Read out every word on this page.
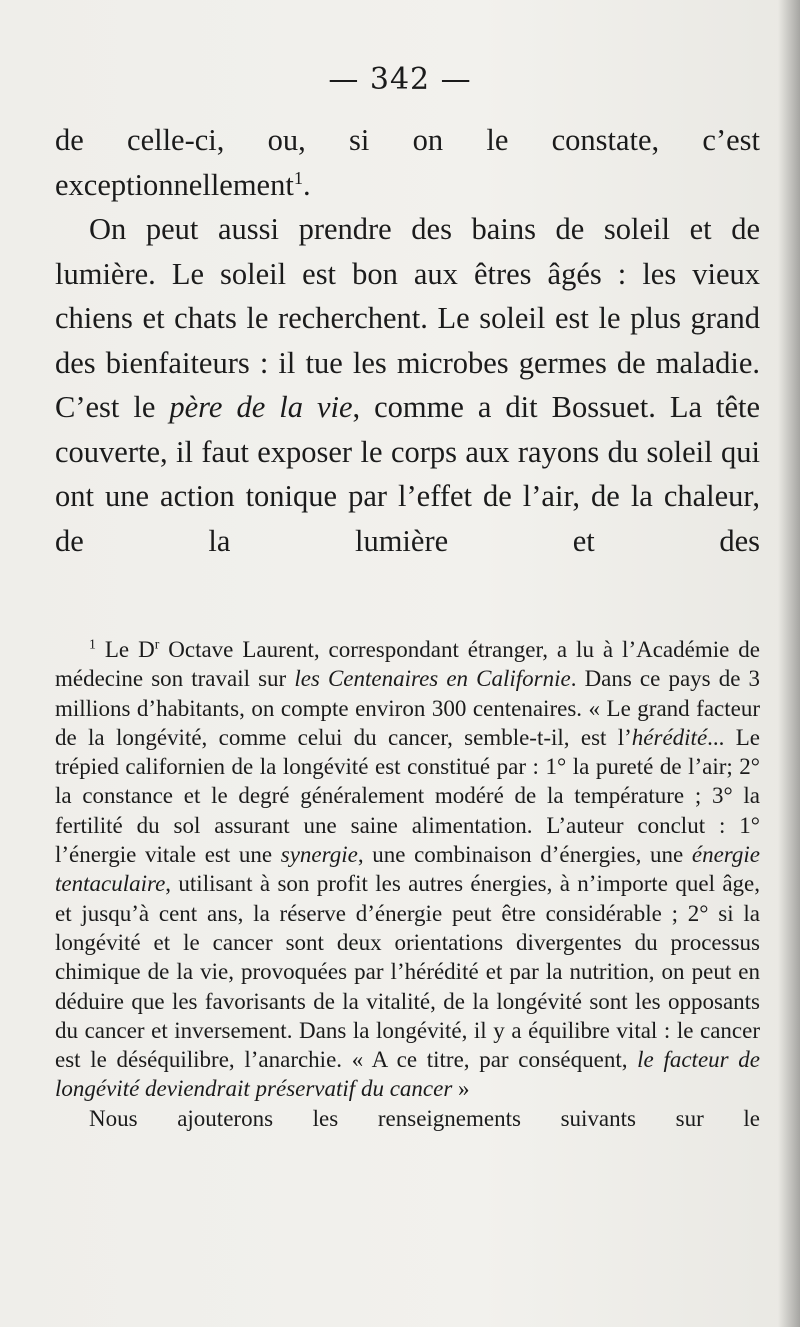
— 342 —

de celle-ci, ou, si on le constate, c’est exceptionnellement$^1$.

On peut aussi prendre des bains de soleil et de lumière. Le soleil est bon aux êtres âgés : les vieux chiens et chats le recherchent. Le soleil est le plus grand des bienfaiteurs : il tue les microbes germes de maladie. C’est le père de la vie, comme a dit Bossuet. La tête couverte, il faut exposer le corps aux rayons du soleil qui ont une action tonique par l’effet de l’air, de la chaleur, de la lumière et des

$^1$ Le $D^r$ Octave Laurent, correspondant étranger, a lu à l’Académie de médecine son travail sur les Centenaires en Californie. Dans ce pays de 3 millions d’habitants, on compte environ 300 centenaires. « Le grand facteur de la longévité, comme celui du cancer, semble-t-il, est l’hérédité... Le trépied californien de la longévité est constitué par : 1° la pureté de l’air; 2° la constance et le degré généralement modéré de la température ; 3° la fertilité du sol assurant une saine alimentation. L’auteur conclut : 1° l’énergie vitale est une synergie, une combinaison d’énergies, une énergie tentaculaire, utilisant à son profit les autres énergies, à n’importe quel âge, et jusqu’à cent ans, la réserve d’énergie peut être considérable ; 2° si la longévité et le cancer sont deux orientations divergentes du processus chimique de la vie, provoquées par l’hérédité et par la nutrition, on peut en déduire que les favorisants de la vitalité, de la longévité sont les opposants du cancer et inversement. Dans la longévité, il y a équilibre vital : le cancer est le déséquilibre, l’anarchie. « A ce titre, par conséquent, le facteur de longévité deviendrait préservatif du cancer »

Nous ajouterons les renseignements suivants sur le
